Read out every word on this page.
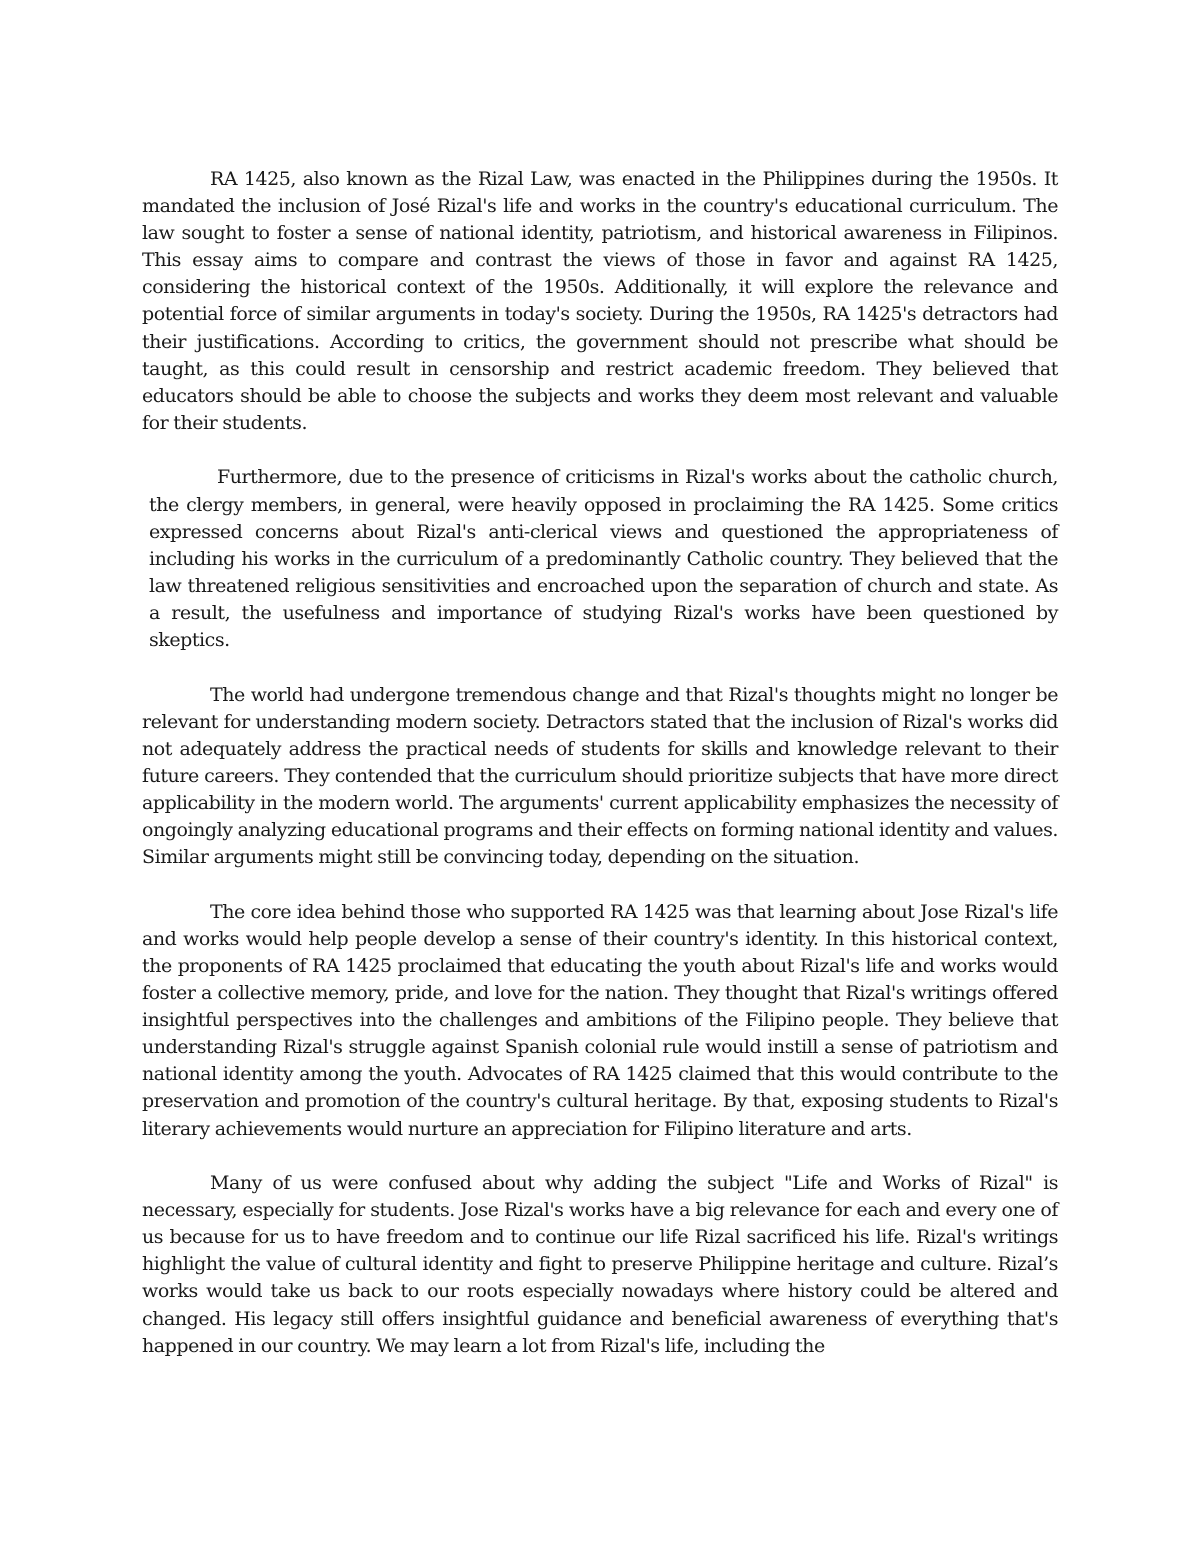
RA 1425, also known as the Rizal Law, was enacted in the Philippines during the 1950s. It mandated the inclusion of José Rizal's life and works in the country's educational curriculum. The law sought to foster a sense of national identity, patriotism, and historical awareness in Filipinos. This essay aims to compare and contrast the views of those in favor and against RA 1425, considering the historical context of the 1950s. Additionally, it will explore the relevance and potential force of similar arguments in today's society. During the 1950s, RA 1425's detractors had their justifications. According to critics, the government should not prescribe what should be taught, as this could result in censorship and restrict academic freedom. They believed that educators should be able to choose the subjects and works they deem most relevant and valuable for their students.

Furthermore, due to the presence of criticisms in Rizal's works about the catholic church, the clergy members, in general, were heavily opposed in proclaiming the RA 1425. Some critics expressed concerns about Rizal's anti-clerical views and questioned the appropriateness of including his works in the curriculum of a predominantly Catholic country. They believed that the law threatened religious sensitivities and encroached upon the separation of church and state. As a result, the usefulness and importance of studying Rizal's works have been questioned by skeptics.

The world had undergone tremendous change and that Rizal's thoughts might no longer be relevant for understanding modern society. Detractors stated that the inclusion of Rizal's works did not adequately address the practical needs of students for skills and knowledge relevant to their future careers. They contended that the curriculum should prioritize subjects that have more direct applicability in the modern world. The arguments' current applicability emphasizes the necessity of ongoingly analyzing educational programs and their effects on forming national identity and values. Similar arguments might still be convincing today, depending on the situation.

The core idea behind those who supported RA 1425 was that learning about Jose Rizal's life and works would help people develop a sense of their country's identity. In this historical context, the proponents of RA 1425 proclaimed that educating the youth about Rizal's life and works would foster a collective memory, pride, and love for the nation. They thought that Rizal's writings offered insightful perspectives into the challenges and ambitions of the Filipino people. They believe that understanding Rizal's struggle against Spanish colonial rule would instill a sense of patriotism and national identity among the youth. Advocates of RA 1425 claimed that this would contribute to the preservation and promotion of the country's cultural heritage. By that, exposing students to Rizal's literary achievements would nurture an appreciation for Filipino literature and arts.

Many of us were confused about why adding the subject "Life and Works of Rizal" is necessary, especially for students. Jose Rizal's works have a big relevance for each and every one of us because for us to have freedom and to continue our life Rizal sacrificed his life. Rizal's writings highlight the value of cultural identity and fight to preserve Philippine heritage and culture. Rizal’s works would take us back to our roots especially nowadays where history could be altered and changed. His legacy still offers insightful guidance and beneficial awareness of everything that's happened in our country. We may learn a lot from Rizal's life, including the
